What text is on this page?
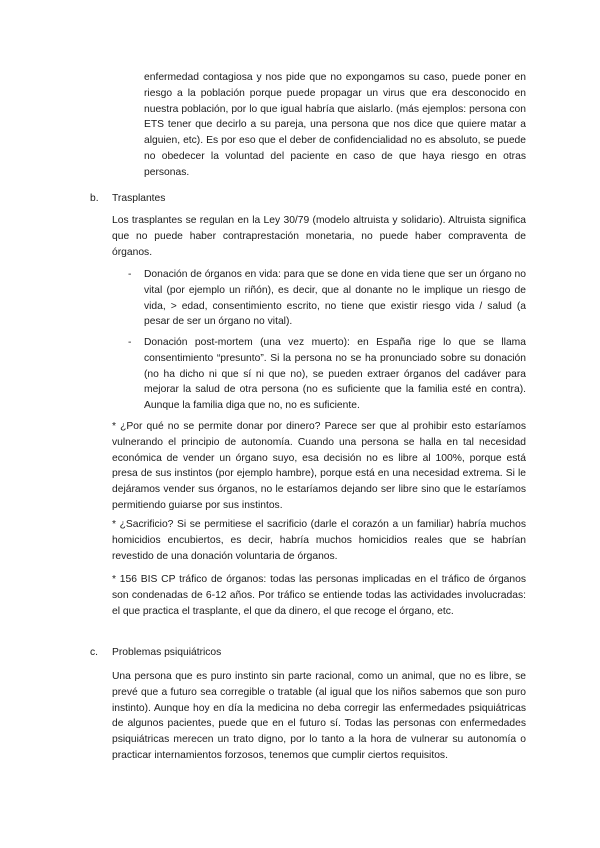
enfermedad contagiosa y nos pide que no expongamos su caso, puede poner en riesgo a la población porque puede propagar un virus que era desconocido en nuestra población, por lo que igual habría que aislarlo. (más ejemplos: persona con ETS tener que decirlo a su pareja, una persona que nos dice que quiere matar a alguien, etc). Es por eso que el deber de confidencialidad no es absoluto, se puede no obedecer la voluntad del paciente en caso de que haya riesgo en otras personas.

b. Trasplantes

Los trasplantes se regulan en la Ley 30/79 (modelo altruista y solidario). Altruista significa que no puede haber contraprestación monetaria, no puede haber compraventa de órganos.

- Donación de órganos en vida: para que se done en vida tiene que ser un órgano no vital (por ejemplo un riñón), es decir, que al donante no le implique un riesgo de vida, > edad, consentimiento escrito, no tiene que existir riesgo vida / salud (a pesar de ser un órgano no vital).

- Donación post-mortem (una vez muerto): en España rige lo que se llama consentimiento “presunto”. Si la persona no se ha pronunciado sobre su donación (no ha dicho ni que sí ni que no), se pueden extraer órganos del cadáver para mejorar la salud de otra persona (no es suficiente que la familia esté en contra). Aunque la familia diga que no, no es suficiente.

* ¿Por qué no se permite donar por dinero? Parece ser que al prohibir esto estaríamos vulnerando el principio de autonomía. Cuando una persona se halla en tal necesidad económica de vender un órgano suyo, esa decisión no es libre al 100%, porque está presa de sus instintos (por ejemplo hambre), porque está en una necesidad extrema. Si le dejáramos vender sus órganos, no le estaríamos dejando ser libre sino que le estaríamos permitiendo guiarse por sus instintos.

* ¿Sacrificio? Si se permitiese el sacrificio (darle el corazón a un familiar) habría muchos homicidios encubiertos, es decir, habría muchos homicidios reales que se habrían revestido de una donación voluntaria de órganos.

* 156 BIS CP tráfico de órganos: todas las personas implicadas en el tráfico de órganos son condenadas de 6-12 años. Por tráfico se entiende todas las actividades involucradas: el que practica el trasplante, el que da dinero, el que recoge el órgano, etc.

c. Problemas psiquiátricos

Una persona que es puro instinto sin parte racional, como un animal, que no es libre, se prevé que a futuro sea corregible o tratable (al igual que los niños sabemos que son puro instinto). Aunque hoy en día la medicina no deba corregir las enfermedades psiquiátricas de algunos pacientes, puede que en el futuro sí. Todas las personas con enfermedades psiquiátricas merecen un trato digno, por lo tanto a la hora de vulnerar su autonomía o practicar internamientos forzosos, tenemos que cumplir ciertos requisitos.
